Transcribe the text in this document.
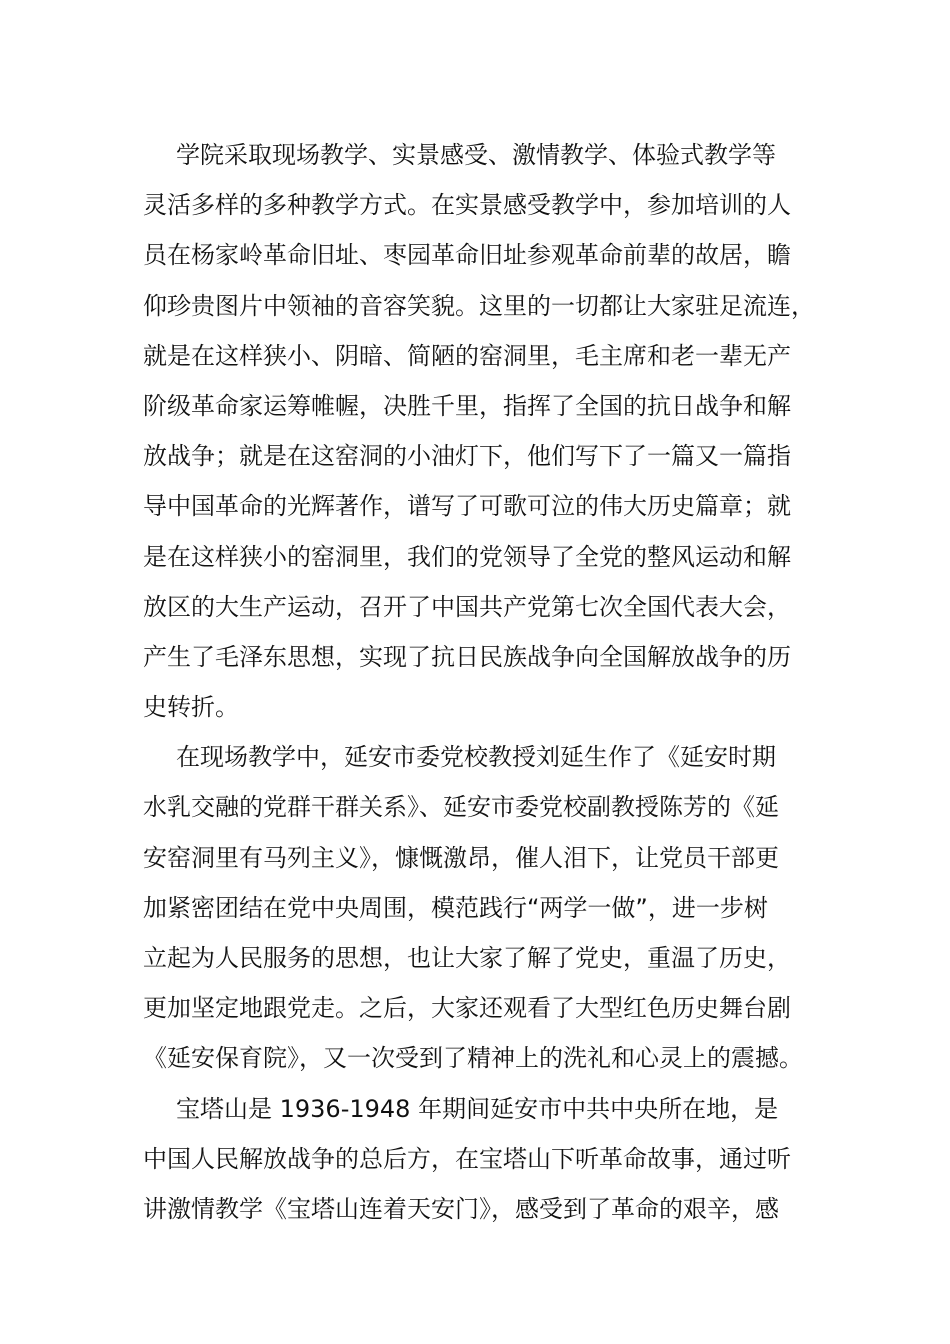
学院采取现场教学、实景感受、激情教学、体验式教学等
灵活多样的多种教学方式。在实景感受教学中，参加培训的人
员在杨家岭革命旧址、枣园革命旧址参观革命前辈的故居，瞻
仰珍贵图片中领袖的音容笑貌。这里的一切都让大家驻足流连，
就是在这样狭小、阴暗、简陋的窑洞里，毛主席和老一辈无产
阶级革命家运筹帷幄，决胜千里，指挥了全国的抗日战争和解
放战争；就是在这窑洞的小油灯下，他们写下了一篇又一篇指
导中国革命的光辉著作，谱写了可歌可泣的伟大历史篇章；就
是在这样狭小的窑洞里，我们的党领导了全党的整风运动和解
放区的大生产运动，召开了中国共产党第七次全国代表大会，
产生了毛泽东思想，实现了抗日民族战争向全国解放战争的历
史转折。
在现场教学中，延安市委党校教授刘延生作了《延安时期
水乳交融的党群干群关系》、延安市委党校副教授陈芳的《延
安窑洞里有马列主义》，慷慨激昂，催人泪下，让党员干部更
加紧密团结在党中央周围，模范践行“两学一做”，进一步树
立起为人民服务的思想，也让大家了解了党史，重温了历史，
更加坚定地跟党走。之后，大家还观看了大型红色历史舞台剧
《延安保育院》，又一次受到了精神上的洗礼和心灵上的震撼。
宝塔山是 1936-1948 年期间延安市中共中央所在地，是
中国人民解放战争的总后方，在宝塔山下听革命故事，通过听
讲激情教学《宝塔山连着天安门》，感受到了革命的艰辛，感
